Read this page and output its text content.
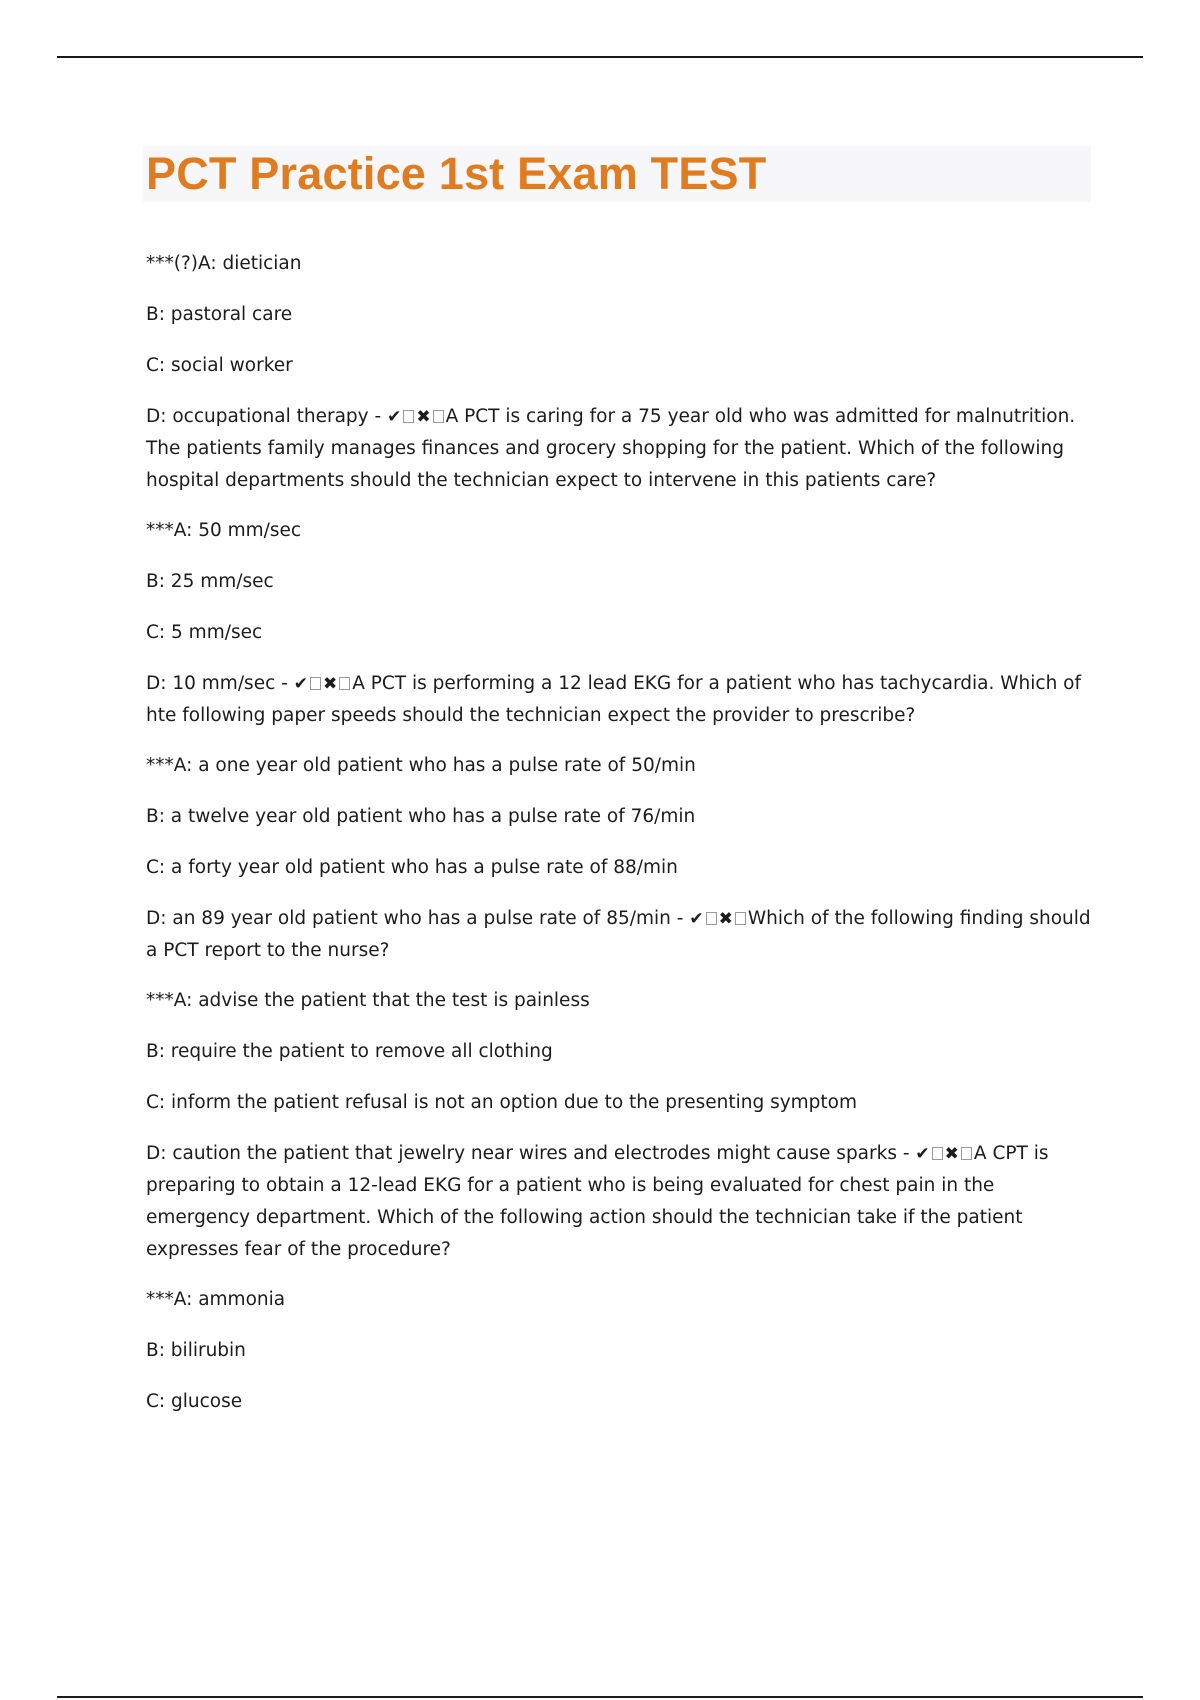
PCT Practice 1st Exam TEST

***(?)A: dietician

B: pastoral care

C: social worker

D: occupational therapy - ✔ ✖ A PCT is caring for a 75 year old who was admitted for malnutrition. The patients family manages finances and grocery shopping for the patient. Which of the following hospital departments should the technician expect to intervene in this patients care?

***A: 50 mm/sec

B: 25 mm/sec

C: 5 mm/sec

D: 10 mm/sec - ✔ ✖ A PCT is performing a 12 lead EKG for a patient who has tachycardia. Which of hte following paper speeds should the technician expect the provider to prescribe?

***A: a one year old patient who has a pulse rate of 50/min

B: a twelve year old patient who has a pulse rate of 76/min

C: a forty year old patient who has a pulse rate of 88/min

D: an 89 year old patient who has a pulse rate of 85/min - ✔ ✖ Which of the following finding should a PCT report to the nurse?

***A: advise the patient that the test is painless

B: require the patient to remove all clothing

C: inform the patient refusal is not an option due to the presenting symptom

D: caution the patient that jewelry near wires and electrodes might cause sparks - ✔ ✖ A CPT is preparing to obtain a 12-lead EKG for a patient who is being evaluated for chest pain in the emergency department. Which of the following action should the technician take if the patient expresses fear of the procedure?

***A: ammonia

B: bilirubin

C: glucose
